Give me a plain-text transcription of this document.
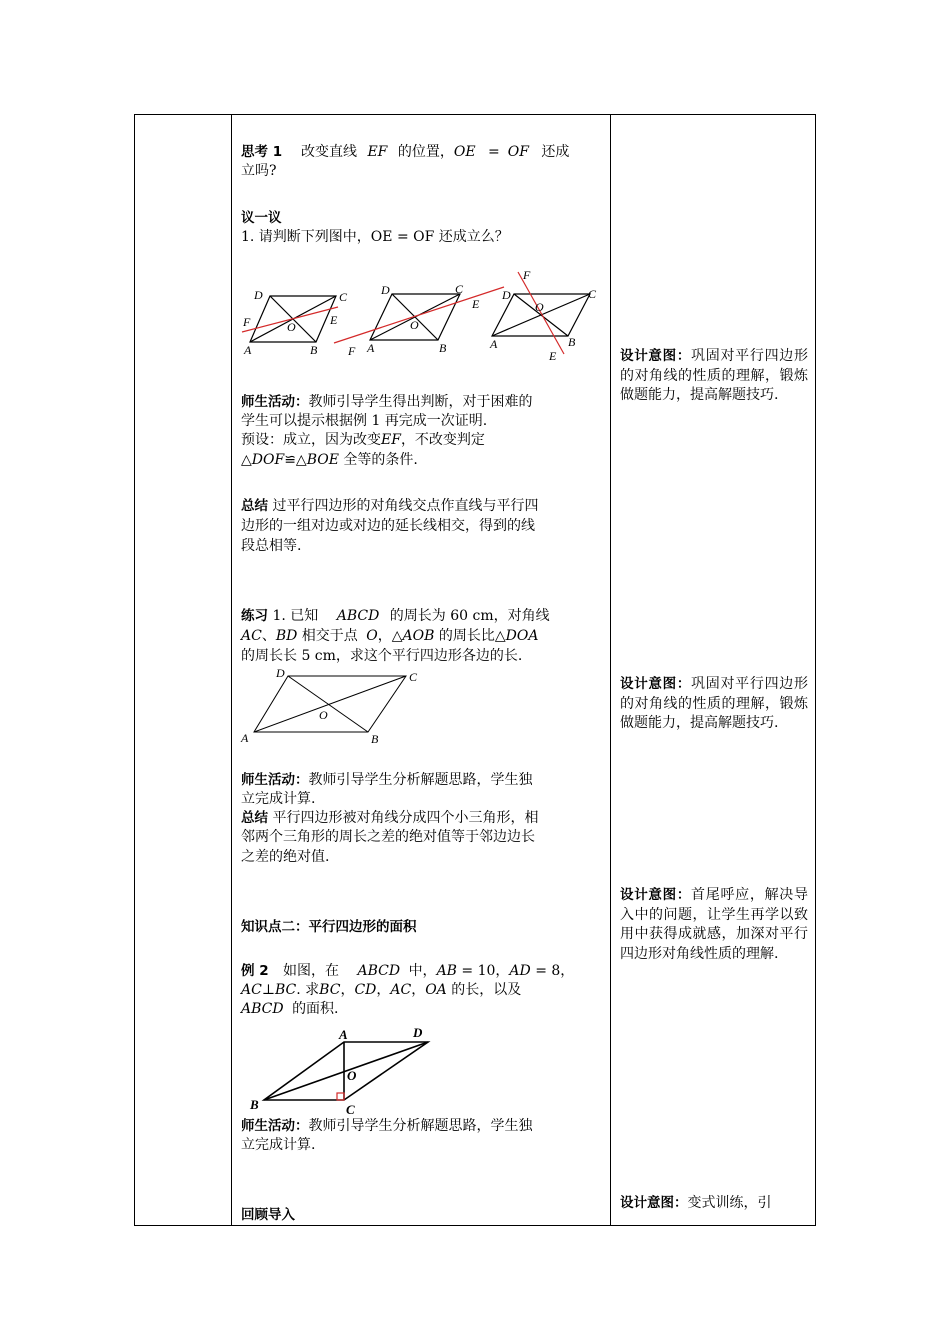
思考 1 改变直线 EF 的位置，OE = OF 还成
立吗?
议一议
1. 请判断下列图中，OE = OF 还成立么？
D	C
F	E
O
A	B
D	C
E
O
F A	B
F
D	C
O
A	B
E
师生活动：教师引导学生得出判断，对于困难的
学生可以提示根据例 1 再完成一次证明.
预设：成立，因为改变EF，不改变判定
△DOF≌△BOE 全等的条件.
总结 过平行四边形的对角线交点作直线与平行四
边形的一组对边或对边的延长线相交，得到的线
段总相等.
练习 1. 已知 ABCD 的周长为 60 cm，对角线
AC、BD 相交于点 O，△AOB 的周长比△DOA
的周长长 5 cm，求这个平行四边形各边的长.
D	C
O
A	B
师生活动：教师引导学生分析解题思路，学生独
立完成计算.
总结 平行四边形被对角线分成四个小三角形，相
邻两个三角形的周长之差的绝对值等于邻边边长
之差的绝对值.
知识点二：平行四边形的面积
例 2 如图，在 ABCD 中，AB = 10，AD = 8，
AC⊥BC. 求BC，CD，AC，OA 的长，以及
ABCD 的面积.
A	D
O
B	C
师生活动：教师引导学生分析解题思路，学生独
立完成计算.
回顾导入
设计意图：巩固对平行四边形的对角线的性质的理解，锻炼做题能力，提高解题技巧.
设计意图：巩固对平行四边形的对角线的性质的理解，锻炼做题能力，提高解题技巧.
设计意图：首尾呼应，解决导入中的问题，让学生再学以致用中获得成就感，加深对平行四边形对角线性质的理解.
设计意图：变式训练，引
